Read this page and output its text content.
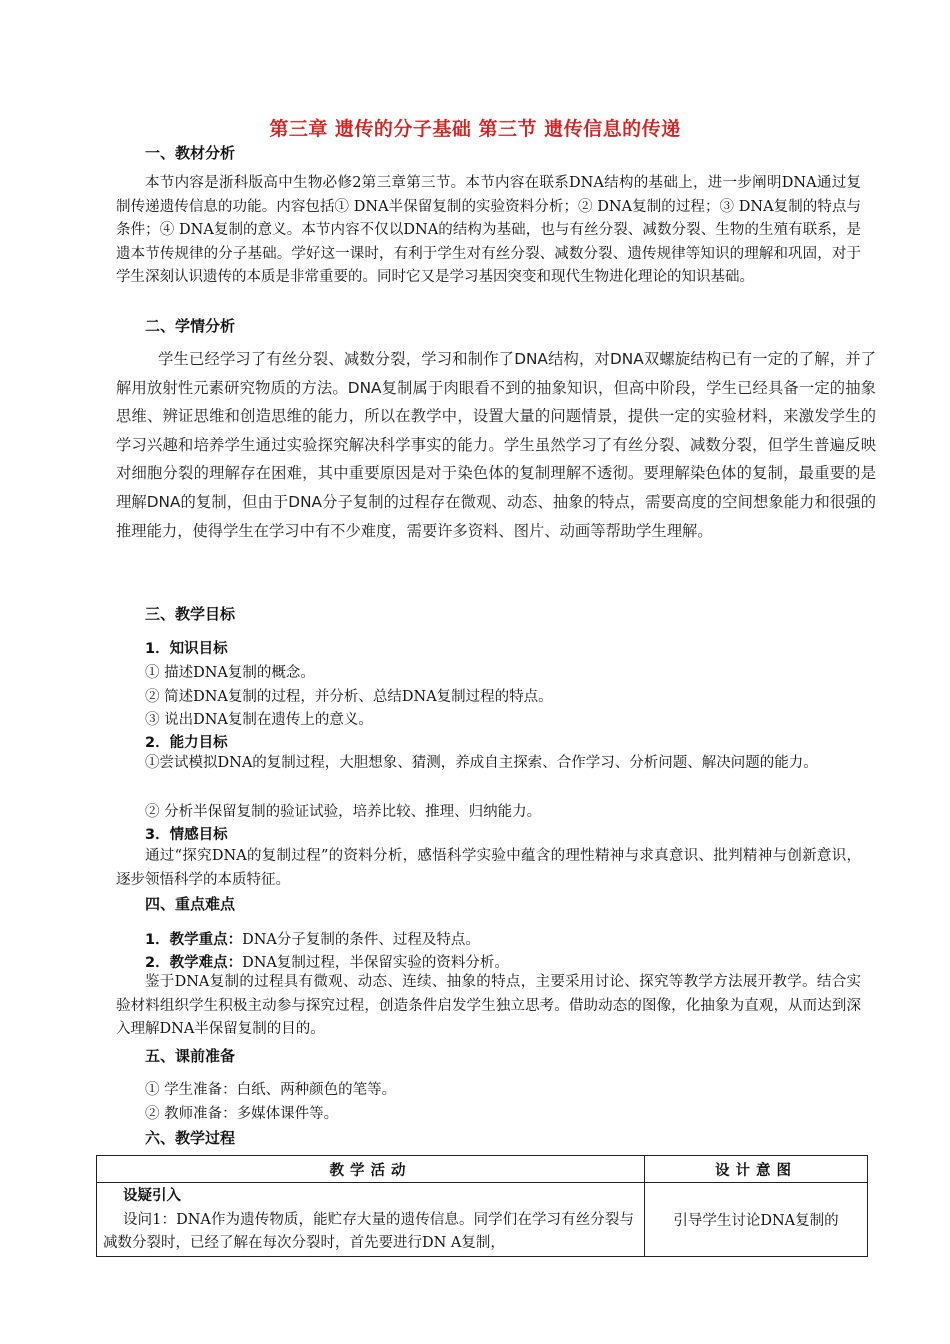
第三章 遗传的分子基础 第三节 遗传信息的传递
一、教材分析

本节内容是浙科版高中生物必修2第三章第三节。本节内容在联系DNA结构的基础上，进一步阐明DNA通过复制传递遗传信息的功能。内容包括① DNA半保留复制的实验资料分析；② DNA复制的过程；③ DNA复制的特点与条件；④ DNA复制的意义。本节内容不仅以DNA的结构为基础，也与有丝分裂、减数分裂、生物的生殖有联系，是遗本节传规律的分子基础。学好这一课时，有利于学生对有丝分裂、减数分裂、遗传规律等知识的理解和巩固，对于学生深刻认识遗传的本质是非常重要的。同时它又是学习基因突变和现代生物进化理论的知识基础。

二、学情分析

学生已经学习了有丝分裂、减数分裂，学习和制作了DNA结构，对DNA双螺旋结构已有一定的了解，并了解用放射性元素研究物质的方法。DNA复制属于肉眼看不到的抽象知识，但高中阶段，学生已经具备一定的抽象思维、辨证思维和创造思维的能力，所以在教学中，设置大量的问题情景，提供一定的实验材料，来激发学生的学习兴趣和培养学生通过实验探究解决科学事实的能力。学生虽然学习了有丝分裂、减数分裂，但学生普遍反映对细胞分裂的理解存在困难，其中重要原因是对于染色体的复制理解不透彻。要理解染色体的复制，最重要的是理解DNA的复制，但由于DNA分子复制的过程存在微观、动态、抽象的特点，需要高度的空间想象能力和很强的推理能力，使得学生在学习中有不少难度，需要许多资料、图片、动画等帮助学生理解。

三、教学目标
1．知识目标
① 描述DNA复制的概念。
② 简述DNA复制的过程，并分析、总结DNA复制过程的特点。
③ 说出DNA复制在遗传上的意义。
2．能力目标

①尝试模拟DNA的复制过程，大胆想象、猜测，养成自主探索、合作学习、分析问题、解决问题的能力。

② 分析半保留复制的验证试验，培养比较、推理、归纳能力。
3．情感目标

通过“探究DNA的复制过程”的资料分析，感悟科学实验中蕴含的理性精神与求真意识、批判精神与创新意识，逐步领悟科学的本质特征。

四、重点难点
1．教学重点：DNA分子复制的条件、过程及特点。
2．教学难点：DNA复制过程，半保留实验的资料分析。

鉴于DNA复制的过程具有微观、动态、连续、抽象的特点，主要采用讨论、探究等教学方法展开教学。结合实验材料组织学生积极主动参与探究过程，创造条件启发学生独立思考。借助动态的图像，化抽象为直观，从而达到深入理解DNA半保留复制的目的。

五、课前准备
① 学生准备：白纸、两种颜色的笔等。
② 教师准备：多媒体课件等。
六、教学过程
教学活动	设计意图

设疑引入
设问1：DNA作为遗传物质，能贮存大量的遗传信息。同学们在学习有丝分裂与减数分裂时，已经了解在每次分裂时，首先要进行DN A复制，	引导学生讨论DNA复制的
